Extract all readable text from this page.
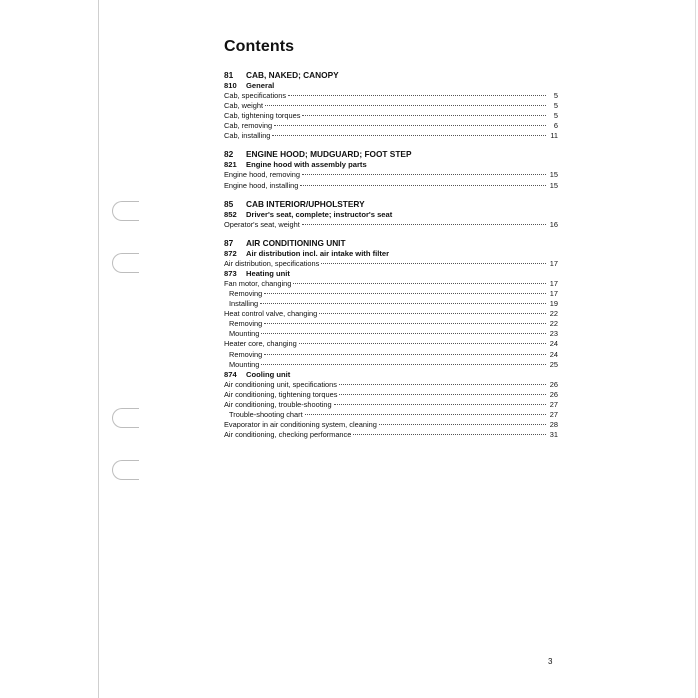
Contents
81	CAB, NAKED; CANOPY
810	General
Cab, specifications	5
Cab, weight	5
Cab, tightening torques	5
Cab, removing	6
Cab, installing	11
82	ENGINE HOOD; MUDGUARD; FOOT STEP
821	Engine hood with assembly parts
Engine hood, removing	15
Engine hood, installing	15
85	CAB INTERIOR/UPHOLSTERY
852	Driver's seat, complete; instructor's seat
Operator's seat, weight	16
87	AIR CONDITIONING UNIT
872	Air distribution incl. air intake with filter
Air distribution, specifications	17
873	Heating unit
Fan motor, changing	17
Removing	17
Installing	19
Heat control valve, changing	22
Removing	22
Mounting	23
Heater core, changing	24
Removing	24
Mounting	25
874	Cooling unit
Air conditioning unit, specifications	26
Air conditioning, tightening torques	26
Air conditioning, trouble-shooting	27
Trouble-shooting chart	27
Evaporator in air conditioning system, cleaning	28
Air conditioning, checking performance	31
3
